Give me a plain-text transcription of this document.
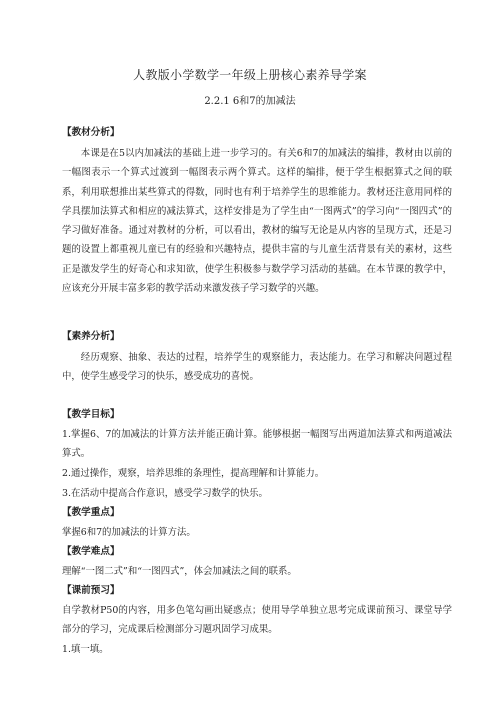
人教版小学数学一年级上册核心素养导学案
2.2.1 6和7的加减法
【教材分析】
本课是在5以内加减法的基础上进一步学习的。有关6和7的加减法的编排，教材由以前的一幅图表示一个算式过渡到一幅图表示两个算式。这样的编排，便于学生根据算式之间的联系，利用联想推出某些算式的得数，同时也有利于培养学生的思维能力。教材还注意用同样的学具摆加法算式和相应的减法算式，这样安排是为了学生由“一图两式”的学习向“一图四式”的学习做好准备。通过对教材的分析，可以看出，教材的编写无论是从内容的呈现方式，还是习题的设置上都重视儿童已有的经验和兴趣特点，提供丰富的与儿童生活背景有关的素材，这些正是激发学生的好奇心和求知欲，使学生积极参与数学学习活动的基础。在本节课的教学中，应该充分开展丰富多彩的教学活动来激发孩子学习数学的兴趣。
【素养分析】
经历观察、抽象、表达的过程，培养学生的观察能力，表达能力。在学习和解决问题过程中，使学生感受学习的快乐，感受成功的喜悦。
【教学目标】
1.掌握6、7的加减法的计算方法并能正确计算。能够根据一幅图写出两道加法算式和两道减法算式。
2.通过操作，观察，培养思维的条理性，提高理解和计算能力。
3.在活动中提高合作意识，感受学习数学的快乐。
【教学重点】
掌握6和7的加减法的计算方法。
【教学难点】
理解“一图二式”和“一图四式”，体会加减法之间的联系。
【课前预习】
自学教材P50的内容，用多色笔勾画出疑惑点；使用导学单独立思考完成课前预习、课堂导学部分的学习，完成课后检测部分习题巩固学习成果。
1.填一填。
